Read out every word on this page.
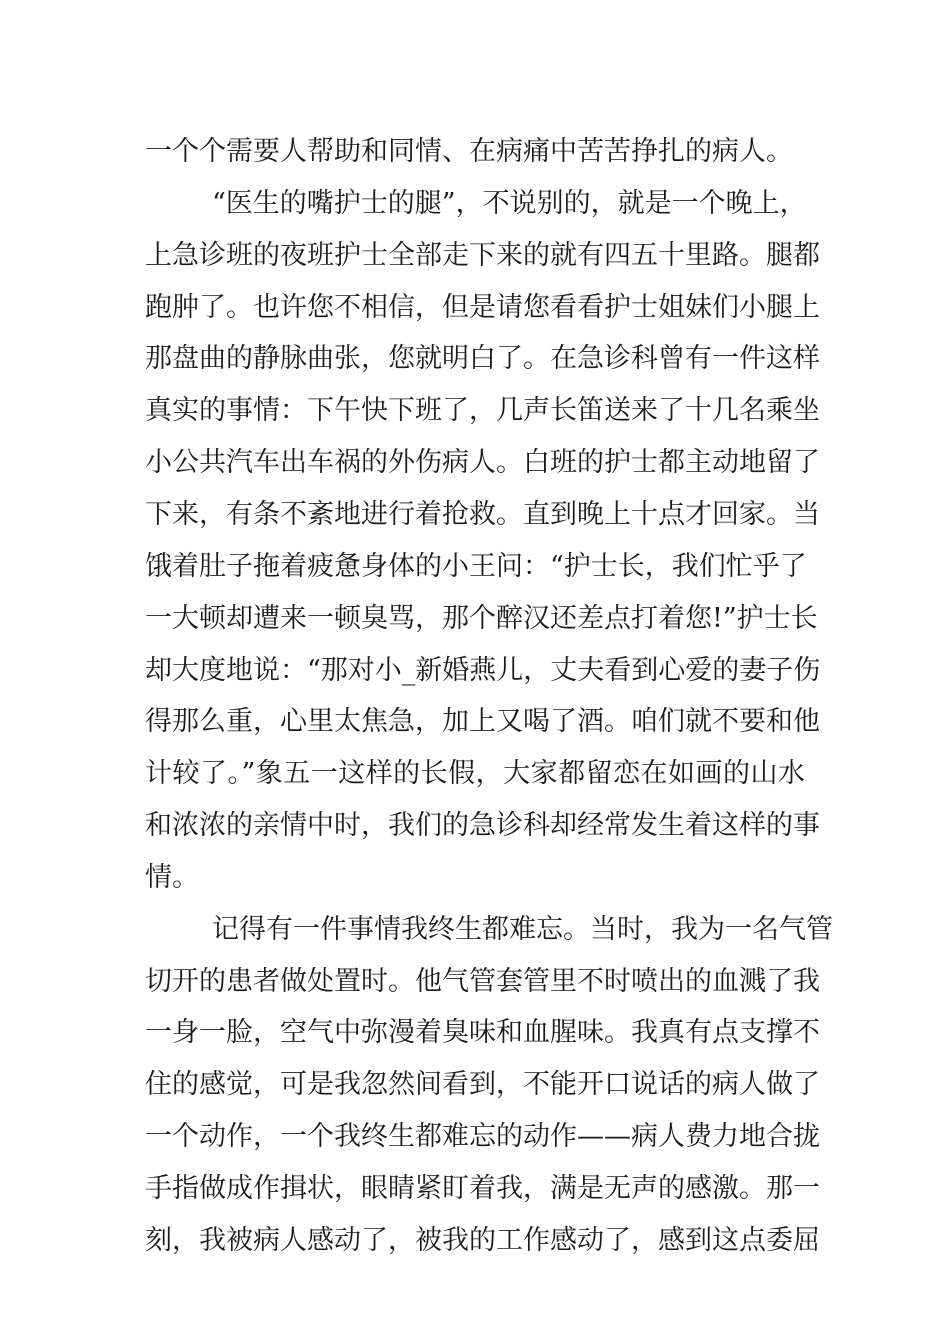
一个个需要人帮助和同情、在病痛中苦苦挣扎的病人。
“医生的嘴护士的腿”，不说别的，就是一个晚上，
上急诊班的夜班护士全部走下来的就有四五十里路。腿都
跑肿了。也许您不相信，但是请您看看护士姐妹们小腿上
那盘曲的静脉曲张，您就明白了。在急诊科曾有一件这样
真实的事情：下午快下班了，几声长笛送来了十几名乘坐
小公共汽车出车祸的外伤病人。白班的护士都主动地留了
下来，有条不紊地进行着抢救。直到晚上十点才回家。当
饿着肚子拖着疲惫身体的小王问：“护士长，我们忙乎了
一大顿却遭来一顿臭骂，那个醉汉还差点打着您!”护士长
却大度地说：“那对小_新婚燕儿，丈夫看到心爱的妻子伤
得那么重，心里太焦急，加上又喝了酒。咱们就不要和他
计较了。”象五一这样的长假，大家都留恋在如画的山水
和浓浓的亲情中时，我们的急诊科却经常发生着这样的事
情。
记得有一件事情我终生都难忘。当时，我为一名气管
切开的患者做处置时。他气管套管里不时喷出的血溅了我
一身一脸，空气中弥漫着臭味和血腥味。我真有点支撑不
住的感觉，可是我忽然间看到，不能开口说话的病人做了
一个动作，一个我终生都难忘的动作——病人费力地合拢
手指做成作揖状，眼睛紧盯着我，满是无声的感激。那一
刻，我被病人感动了，被我的工作感动了，感到这点委屈
